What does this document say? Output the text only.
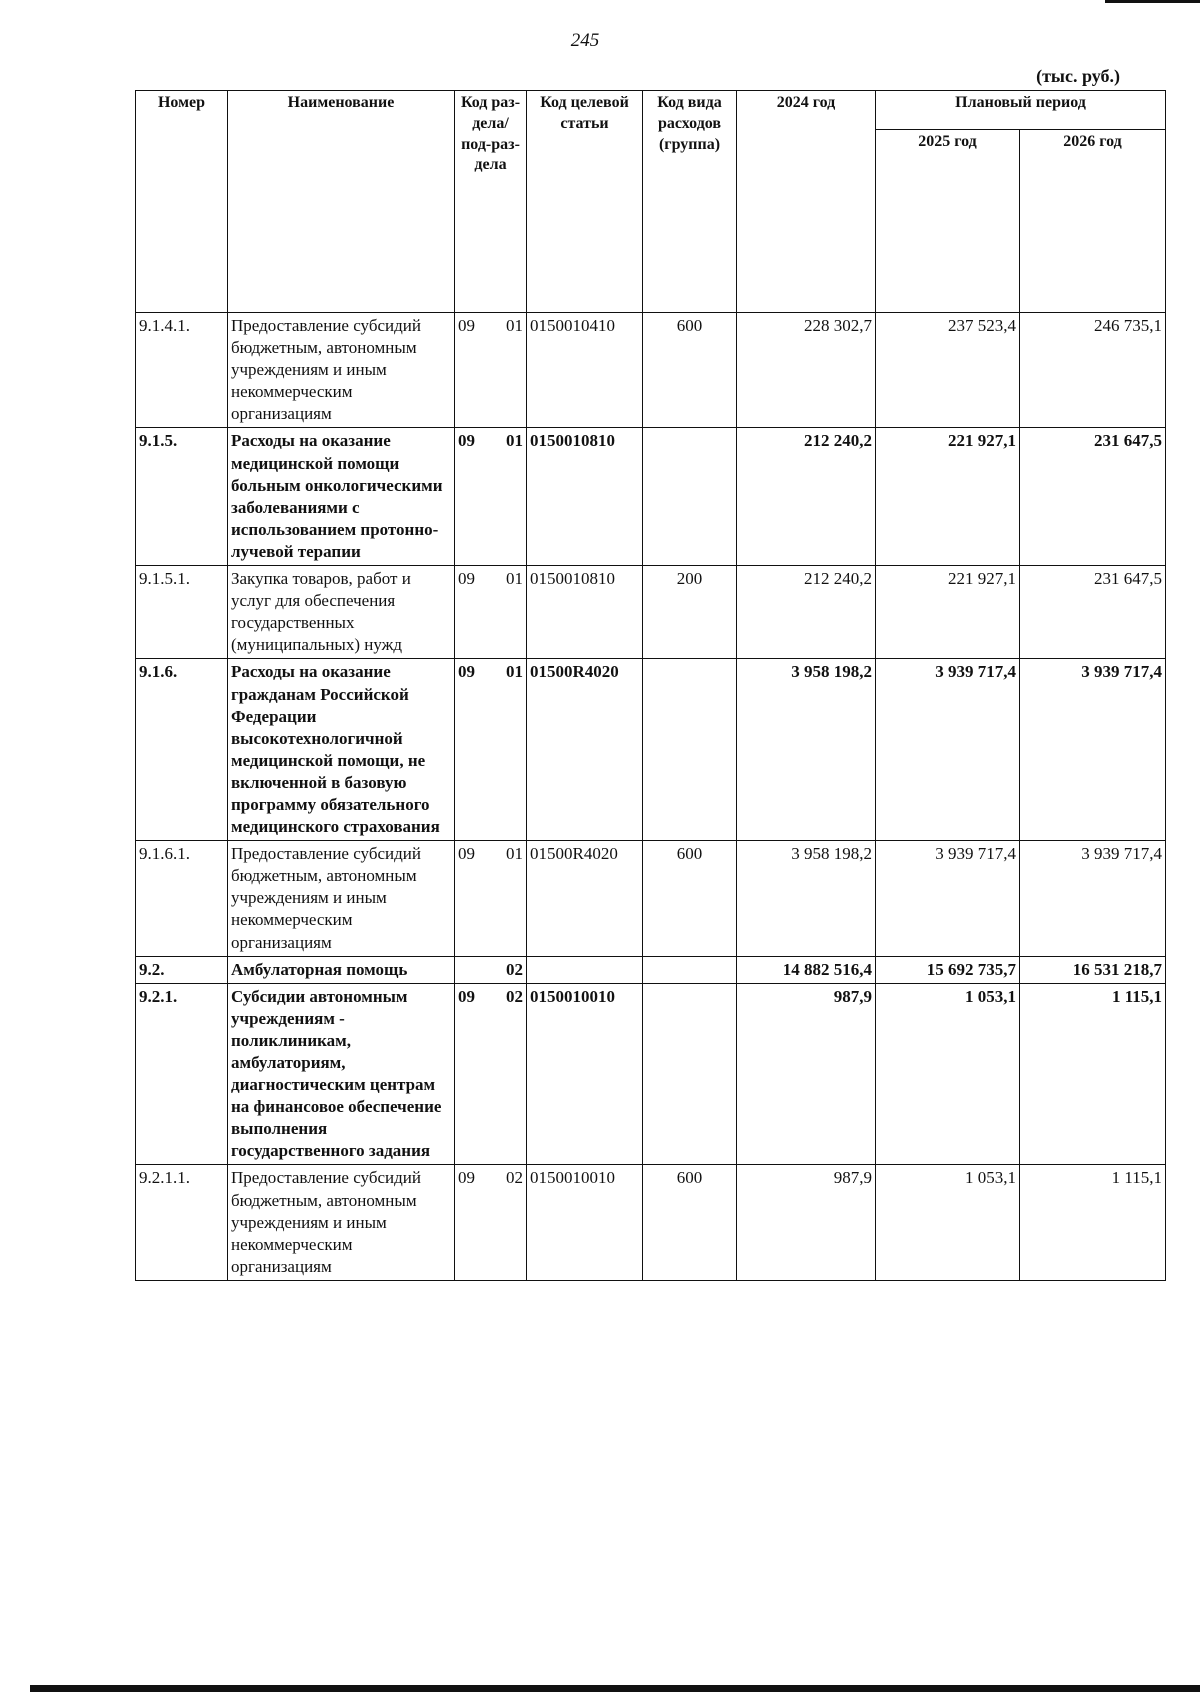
245
(тыс. руб.)
Номер	Наименование	Код раз-дела/ под-раз-дела	Код целевой статьи	Код вида расходов (группа)	2024 год	Плановый период	
						2025 год	2026 год
9.1.4.1.	Предоставление субсидий бюджетным, автономным учреждениям и иным некоммерческим организациям	09 01	0150010410	600	228 302,7	237 523,4	246 735,1
9.1.5.	Расходы на оказание медицинской помощи больным онкологическими заболеваниями с использованием протонно-лучевой терапии	09 01	0150010810		212 240,2	221 927,1	231 647,5
9.1.5.1.	Закупка товаров, работ и услуг для обеспечения государственных (муниципальных) нужд	09 01	0150010810	200	212 240,2	221 927,1	231 647,5
9.1.6.	Расходы на оказание гражданам Российской Федерации высокотехнологичной медицинской помощи, не включенной в базовую программу обязательного медицинского страхования	09 01	01500R4020		3 958 198,2	3 939 717,4	3 939 717,4
9.1.6.1.	Предоставление субсидий бюджетным, автономным учреждениям и иным некоммерческим организациям	09 01	01500R4020	600	3 958 198,2	3 939 717,4	3 939 717,4
9.2.	Амбулаторная помощь	02			14 882 516,4	15 692 735,7	16 531 218,7
9.2.1.	Субсидии автономным учреждениям - поликлиникам, амбулаториям, диагностическим центрам на финансовое обеспечение выполнения государственного задания	09 02	0150010010		987,9	1 053,1	1 115,1
9.2.1.1.	Предоставление субсидий бюджетным, автономным учреждениям и иным некоммерческим организациям	09 02	0150010010	600	987,9	1 053,1	1 115,1
